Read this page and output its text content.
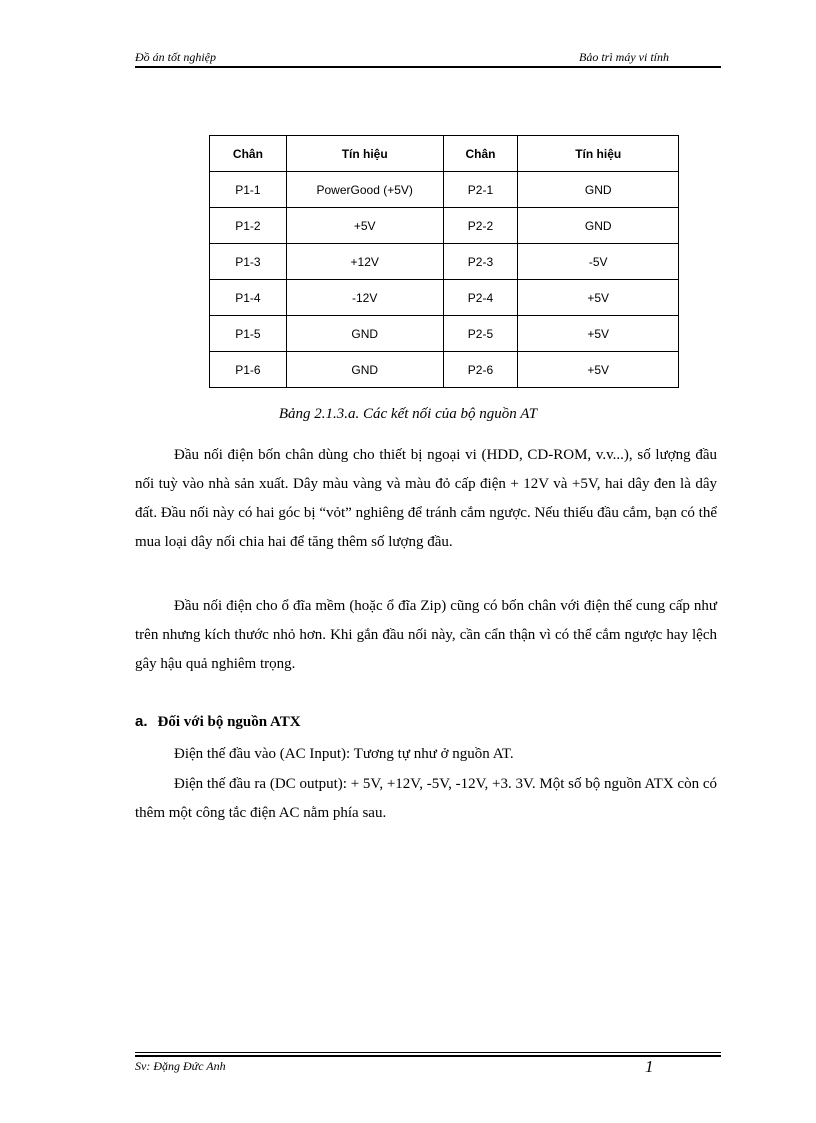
Đồ án tốt nghiệp	Bảo trì máy vi tính
Chân	Tín hiệu	Chân	Tín hiệu
P1-1	PowerGood (+5V)	P2-1	GND
P1-2	+5V	P2-2	GND
P1-3	+12V	P2-3	-5V
P1-4	-12V	P2-4	+5V
P1-5	GND	P2-5	+5V
P1-6	GND	P2-6	+5V
Bảng 2.1.3.a. Các kết nối của bộ nguồn AT

Đầu nối điện bốn chân dùng cho thiết bị ngoại vi (HDD, CD-ROM, v.v...), số lượng đầu nối tuỳ vào nhà sản xuất. Dây màu vàng và màu đỏ cấp điện + 12V và +5V, hai dây đen là dây đất. Đầu nối này có hai góc bị “vỏt” nghiêng để tránh cắm ngược. Nếu thiếu đầu cắm, bạn có thể mua loại dây nối chia hai để tăng thêm số lượng đầu.

Đầu nối điện cho ổ đĩa mềm (hoặc ổ đĩa Zip) cũng có bốn chân với điện thế cung cấp như trên nhưng kích thước nhỏ hơn. Khi gắn đầu nối này, cần cẩn thận vì có thể cắm ngược hay lệch gây hậu quả nghiêm trọng.

a. Đối với bộ nguồn ATX

Điện thế đầu vào (AC Input): Tương tự như ở nguồn AT.

Điện thế đầu ra (DC output): + 5V, +12V, -5V, -12V, +3. 3V. Một số bộ nguồn ATX còn có thêm một công tắc điện AC nằm phía sau.

Sv: Đặng Đức Anh	1
